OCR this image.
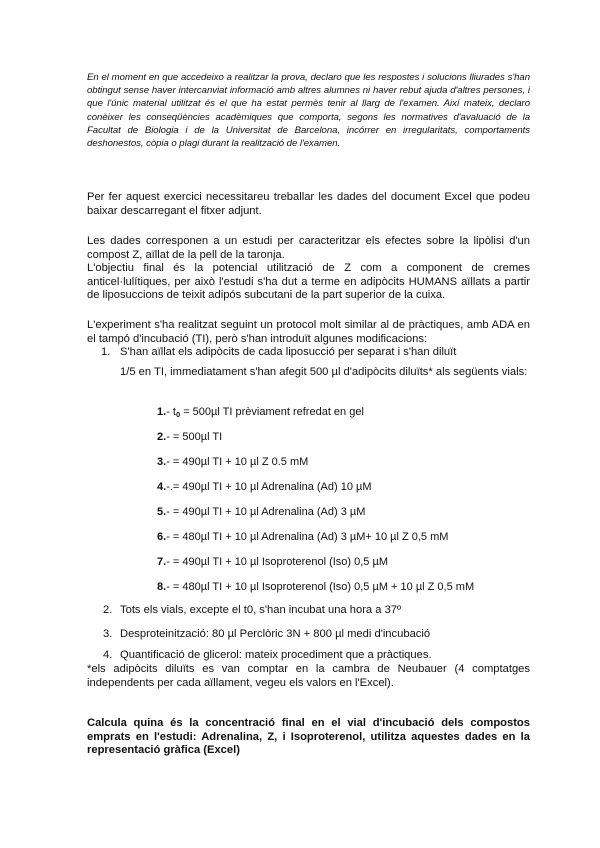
En el moment en que accedeixo a realitzar la prova, declaro que les respostes i solucions lliurades s'han obtingut sense haver intercanviat informació amb altres alumnes ni haver rebut ajuda d'altres persones, i que l'únic material utilitzat és el que ha estat permès tenir al llarg de l'examen. Així mateix, declaro conèixer les conseqüències acadèmiques que comporta, segons les normatives d'avaluació de la Facultat de Biologia i de la Universitat de Barcelona, incórrer en irregularitats, comportaments deshonestos, còpia o plagi durant la realització de l'examen.
Per fer aquest exercici necessitareu treballar les dades del document Excel que podeu baixar descarregant el fitxer adjunt.
Les dades corresponen a un estudi per caracteritzar els efectes sobre la lipòlisi d'un compost Z, aïllat de la pell de la taronja.
L'objectiu final és la potencial utilització de Z com a component de cremes anticel·lulítiques, per això l'estudi s'ha dut a terme en adipòcits HUMANS aïllats a partir de liposuccions de teixit adipós subcutani de la part superior de la cuixa.
L'experiment s'ha realitzat seguint un protocol molt similar al de pràctiques, amb ADA en el tampó d'incubació (TI), però s'han introduït algunes modificacions:
1. S'han aïllat els adipòcits de cada liposucció per separat i s'han diluït
1/5 en TI, immediatament s'han afegit 500 µl d'adipòcits diluïts* als següents vials:
1.- $t_0 = 500\mu l$ TI prèviament refredat en gel
2.- = 500µl TI
3.- = 490µl TI + 10 µl Z 0.5 mM
4.-.= 490µl TI + 10 µl Adrenalina (Ad) 10 µM
5.- = 490µl TI + 10 µl Adrenalina (Ad) 3 µM
6.- = 480µl TI + 10 µl Adrenalina (Ad) 3 µM+ 10 µl Z 0,5 mM
7.- = 490µl TI + 10 µl Isoproterenol (Iso) 0,5 µM
8.- = 480µl TI + 10 µl Isoproterenol (Iso) 0,5 µM + 10 µl Z 0,5 mM
2. Tots els vials, excepte el t0, s'han incubat una hora a 37º
3. Desproteinització: 80 µl Perclòric 3N + 800 µl medi d'incubació
4. Quantificació de glicerol: mateix procediment que a pràctiques.
*els adipòcits diluïts es van comptar en la cambra de Neubauer (4 comptatges independents per cada aïllament, vegeu els valors en l'Excel).
Calcula quina és la concentració final en el vial d'incubació dels compostos emprats en l'estudi: Adrenalina, Z, i Isoproterenol, utilitza aquestes dades en la representació gràfica (Excel)
